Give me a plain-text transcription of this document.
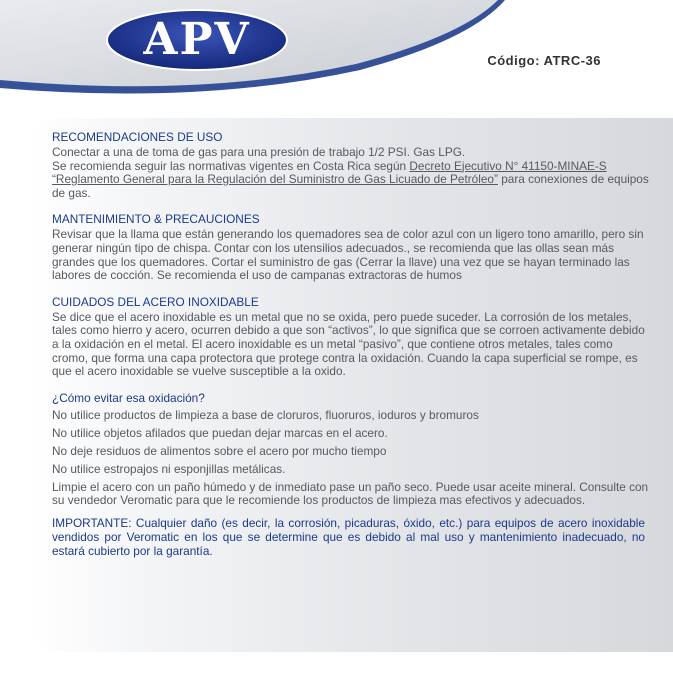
APV	Código: ATRC-36
RECOMENDACIONES DE USO

Conectar a una de toma de gas para una presión de trabajo 1/2 PSI. Gas LPG.

Se recomienda seguir las normativas vigentes en Costa Rica según Decreto Ejecutivo N° 41150-MINAE-S “Reglamento General para la Regulación del Suministro de Gas Licuado de Petróleo” para conexiones de equipos de gas.

MANTENIMIENTO & PRECAUCIONES

Revisar que la llama que están generando los quemadores sea de color azul con un ligero tono amarillo, pero sin generar ningún tipo de chispa. Contar con los utensilios adecuados., se recomienda que las ollas sean más grandes que los quemadores. Cortar el suministro de gas (Cerrar la llave) una vez que se hayan terminado las labores de cocción. Se recomienda el uso de campanas extractoras de humos

CUIDADOS DEL ACERO INOXIDABLE

Se dice que el acero inoxidable es un metal que no se oxida, pero puede suceder. La corrosión de los metales, tales como hierro y acero, ocurren debido a que son “activos”, lo que significa que se corroen activamente debido a la oxidación en el metal. El acero inoxidable es un metal “pasivo”, que contiene otros metales, tales como cromo, que forma una capa protectora que protege contra la oxidación. Cuando la capa superficial se rompe, es que el acero inoxidable se vuelve susceptible a la oxido.

¿Cómo evitar esa oxidación?
No utilice productos de limpieza a base de cloruros, fluoruros, ioduros y bromuros
No utilice objetos afilados que puedan dejar marcas en el acero.
No deje residuos de alimentos sobre el acero por mucho tiempo
No utilice estropajos ni esponjillas metálicas.

Limpie el acero con un paño húmedo y de inmediato pase un paño seco. Puede usar aceite mineral. Consulte con su vendedor Veromatic para que le recomiende los productos de limpieza mas efectivos y adecuados.

IMPORTANTE: Cualquier daño (es decir, la corrosión, picaduras, óxido, etc.) para equipos de acero inoxidable vendidos por Veromatic en los que se determine que es debido al mal uso y mantenimiento inadecuado, no estará cubierto por la garantía.
